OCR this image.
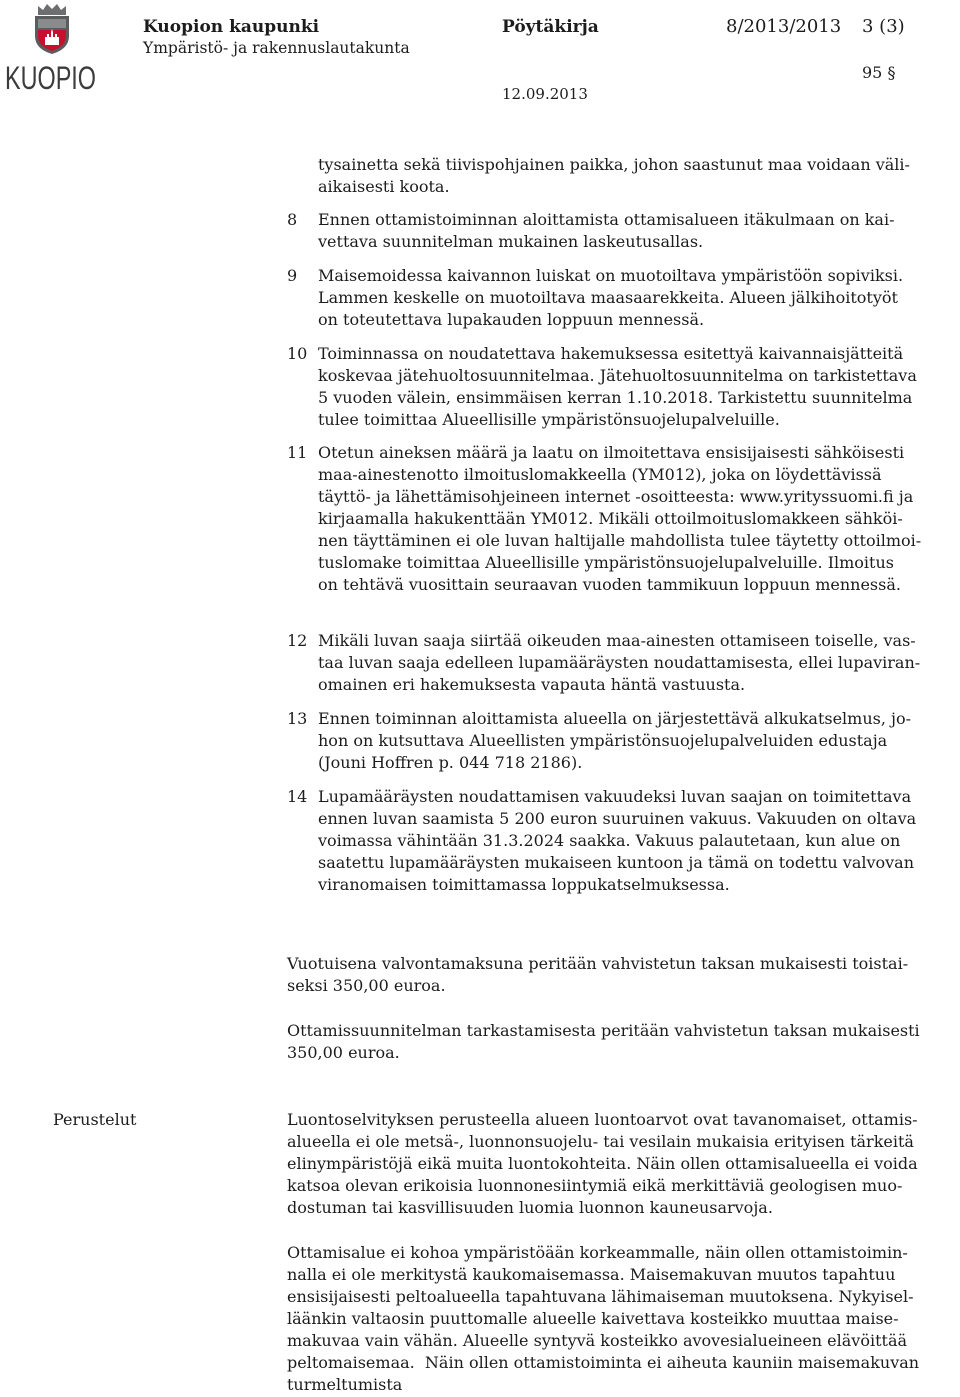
KUOPIO
Kuopion kaupunki
Ympäristö- ja rakennuslautakunta
Pöytäkirja	8/2013/2013 3 (3)
95 §
12.09.2013
tysainetta sekä tiivispohjainen paikka, johon saastunut maa voidaan väli-
aikaisesti koota.
8 Ennen ottamistoiminnan aloittamista ottamisalueen itäkulmaan on kai-
vettava suunnitelman mukainen laskeutusallas.
9 Maisemoidessa kaivannon luiskat on muotoiltava ympäristöön sopiviksi.
Lammen keskelle on muotoiltava maasaarekkeita. Alueen jälkihoitotyöt
on toteutettava lupakauden loppuun mennessä.
10 Toiminnassa on noudatettava hakemuksessa esitettyä kaivannaisjätteitä
koskevaa jätehuoltosuunnitelmaa. Jätehuoltosuunnitelma on tarkistettava
5 vuoden välein, ensimmäisen kerran 1.10.2018. Tarkistettu suunnitelma
tulee toimittaa Alueellisille ympäristönsuojelupalveluille.
11 Otetun aineksen määrä ja laatu on ilmoitettava ensisijaisesti sähköisesti
maa-ainestenotto ilmoituslomakkeella (YM012), joka on löydettävissä
täyttö- ja lähettämisohjeineen internet -osoitteesta: www.yrityssuomi.fi ja
kirjaamalla hakukenttään YM012. Mikäli ottoilmoituslomakkeen sähköi-
nen täyttäminen ei ole luvan haltijalle mahdollista tulee täytetty ottoilmoi-
tuslomake toimittaa Alueellisille ympäristönsuojelupalveluille. Ilmoitus
on tehtävä vuosittain seuraavan vuoden tammikuun loppuun mennessä.
12 Mikäli luvan saaja siirtää oikeuden maa-ainesten ottamiseen toiselle, vas-
taa luvan saaja edelleen lupamääräysten noudattamisesta, ellei lupaviran-
omainen eri hakemuksesta vapauta häntä vastuusta.
13 Ennen toiminnan aloittamista alueella on järjestettävä alkukatselmus, jo-
hon on kutsuttava Alueellisten ympäristönsuojelupalveluiden edustaja
(Jouni Hoffren p. 044 718 2186).
14 Lupamääräysten noudattamisen vakuudeksi luvan saajan on toimitettava
ennen luvan saamista 5 200 euron suuruinen vakuus. Vakuuden on oltava
voimassa vähintään 31.3.2024 saakka. Vakuus palautetaan, kun alue on
saatettu lupamääräysten mukaiseen kuntoon ja tämä on todettu valvovan
viranomaisen toimittamassa loppukatselmuksessa.
Vuotuisena valvontamaksuna peritään vahvistetun taksan mukaisesti toistai-
seksi 350,00 euroa.
Ottamissuunnitelman tarkastamisesta peritään vahvistetun taksan mukaisesti
350,00 euroa.
Perustelut	Luontoselvityksen perusteella alueen luontoarvot ovat tavanomaiset, ottamis-
alueella ei ole metsä-, luonnonsuojelu- tai vesilain mukaisia erityisen tärkeitä
elinympäristöjä eikä muita luontokohteita. Näin ollen ottamisalueella ei voida
katsoa olevan erikoisia luonnonesiintymiä eikä merkittäviä geologisen muo-
dostuman tai kasvillisuuden luomia luonnon kauneusarvoja.
Ottamisalue ei kohoa ympäristöään korkeammalle, näin ollen ottamistoimin-
nalla ei ole merkitystä kaukomaisemassa. Maisemakuvan muutos tapahtuu
ensisijaisesti peltoalueella tapahtuvana lähimaiseman muutoksena. Nykyisel-
läänkin valtaosin puuttomalle alueelle kaivettava kosteikko muuttaa maise-
makuvaa vain vähän. Alueelle syntyvä kosteikko avovesialueineen elävöittää
peltomaisemaa.  Näin ollen ottamistoiminta ei aiheuta kauniin maisemakuvan
turmeltumista
